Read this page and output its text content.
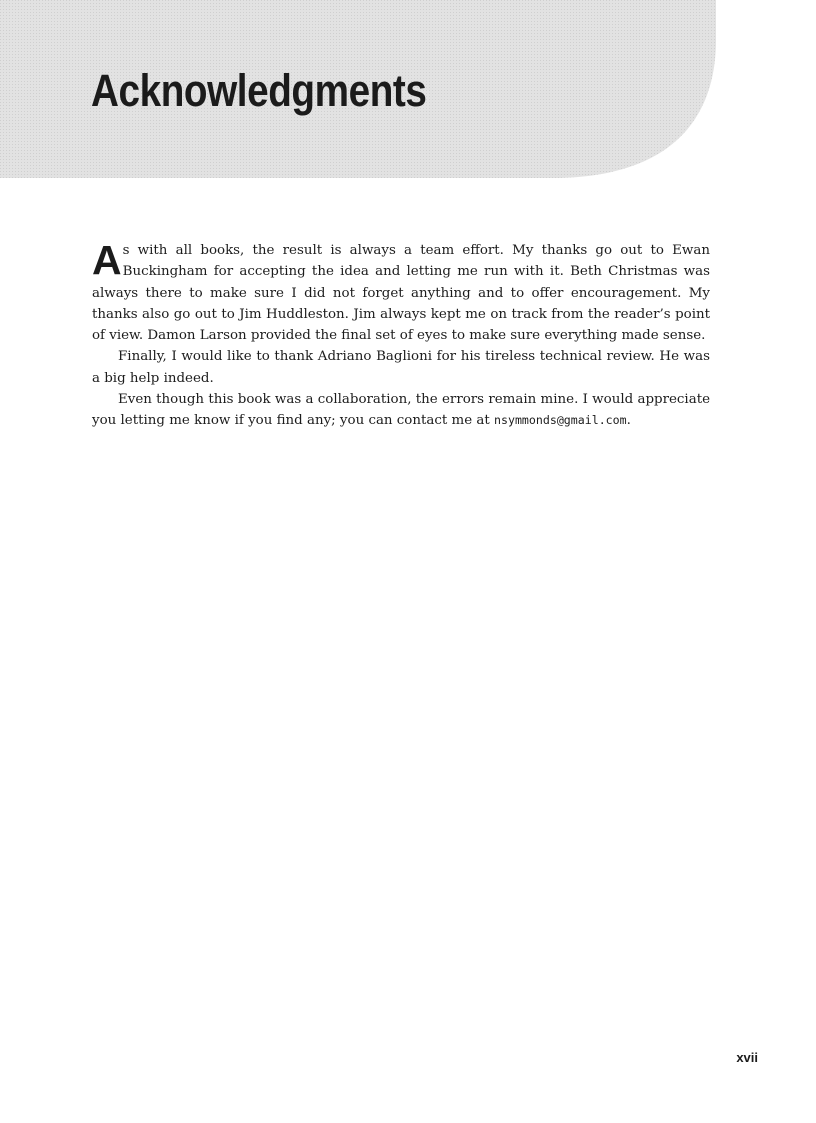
Acknowledgments

As with all books, the result is always a team effort. My thanks go out to Ewan Buckingham for accepting the idea and letting me run with it. Beth Christmas was always there to make sure I did not forget anything and to offer encouragement. My thanks also go out to Jim Huddleston. Jim always kept me on track from the reader’s point of view. Damon Larson provided the final set of eyes to make sure everything made sense.

Finally, I would like to thank Adriano Baglioni for his tireless technical review. He was a big help indeed.

Even though this book was a collaboration, the errors remain mine. I would appreciate you letting me know if you find any; you can contact me at nsymmonds@gmail.com.

xvii
